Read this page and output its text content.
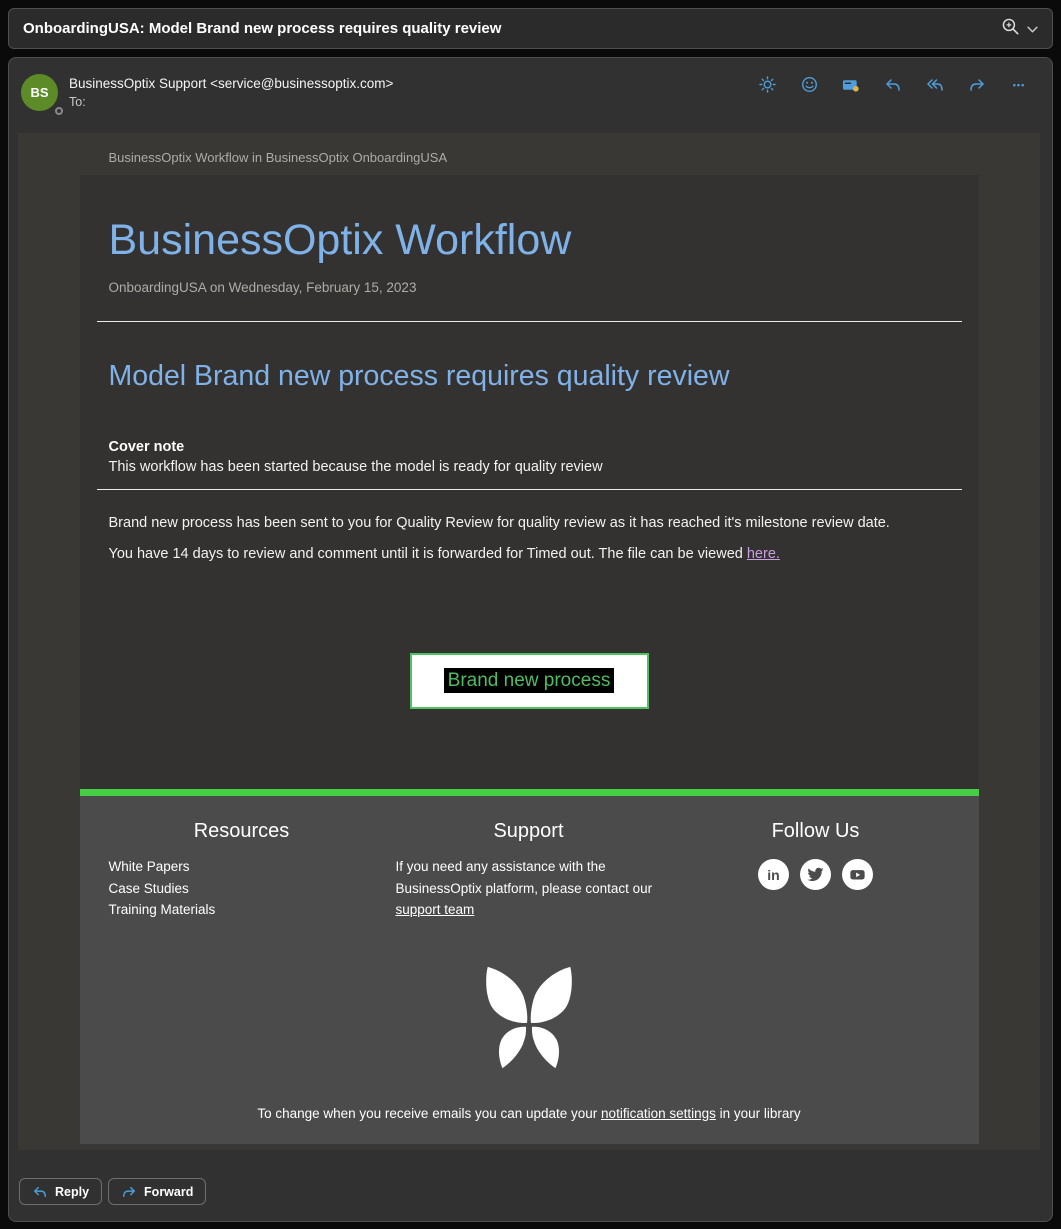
OnboardingUSA: Model Brand new process requires quality review
BS
BusinessOptix Support <service@businessoptix.com>
To:
•••
BusinessOptix Workflow in BusinessOptix OnboardingUSA
BusinessOptix Workflow
OnboardingUSA on Wednesday, February 15, 2023
Model Brand new process requires quality review
Cover note
This workflow has been started because the model is ready for quality review

Brand new process has been sent to you for Quality Review for quality review as it has reached it's milestone review date.

You have 14 days to review and comment until it is forwarded for Timed out. The file can be viewed here.

Brand new process
Resources
White Papers
Case Studies
Training Materials
Support
If you need any assistance with the BusinessOptix platform, please contact our support team
Follow Us
in
To change when you receive emails you can update your notification settings in your library
Reply	Forward
